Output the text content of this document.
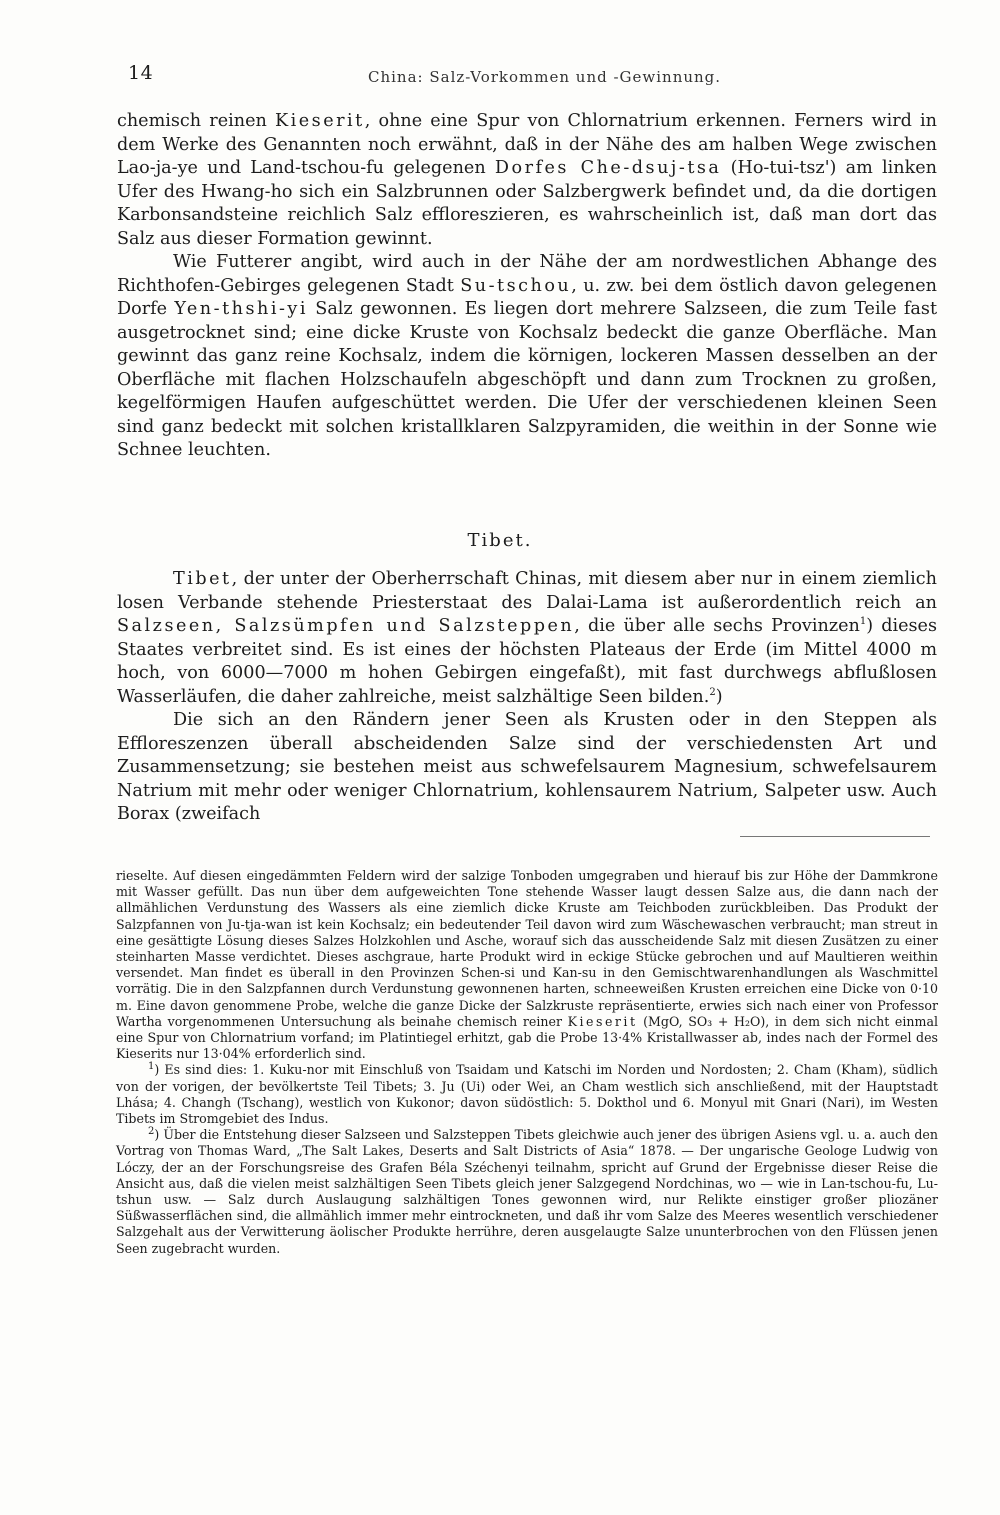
14	China: Salz-Vorkommen und -Gewinnung.

chemisch reinen Kieserit, ohne eine Spur von Chlornatrium erkennen. Ferners wird in dem Werke des Genannten noch erwähnt, daß in der Nähe des am halben Wege zwischen Lao-ja-ye und Land-tschou-fu gelegenen Dorfes Che-dsuj-tsa (Ho-tui-tsz') am linken Ufer des Hwang-ho sich ein Salzbrunnen oder Salzbergwerk befindet und, da die dortigen Karbonsandsteine reichlich Salz effloreszieren, es wahrscheinlich ist, daß man dort das Salz aus dieser Formation gewinnt.

Wie Futterer angibt, wird auch in der Nähe der am nordwestlichen Abhange des Richthofen-Gebirges gelegenen Stadt Su-tschou, u. zw. bei dem östlich davon gelegenen Dorfe Yen-thshi-yi Salz gewonnen. Es liegen dort mehrere Salzseen, die zum Teile fast ausgetrocknet sind; eine dicke Kruste von Kochsalz bedeckt die ganze Oberfläche. Man gewinnt das ganz reine Kochsalz, indem die körnigen, lockeren Massen desselben an der Oberfläche mit flachen Holzschaufeln abgeschöpft und dann zum Trocknen zu großen, kegelförmigen Haufen aufgeschüttet werden. Die Ufer der verschiedenen kleinen Seen sind ganz bedeckt mit solchen kristallklaren Salzpyramiden, die weithin in der Sonne wie Schnee leuchten.

Tibet.

Tibet, der unter der Oberherrschaft Chinas, mit diesem aber nur in einem ziemlich losen Verbande stehende Priesterstaat des Dalai-Lama ist außerordentlich reich an Salzseen, Salzsümpfen und Salzsteppen, die über alle sechs Provinzen$^1$) dieses Staates verbreitet sind. Es ist eines der höchsten Plateaus der Erde (im Mittel 4000 m hoch, von 6000—7000 m hohen Gebirgen eingefaßt), mit fast durchwegs abflußlosen Wasserläufen, die daher zahlreiche, meist salzhältige Seen bilden.$^2$)

Die sich an den Rändern jener Seen als Krusten oder in den Steppen als Effloreszenzen überall abscheidenden Salze sind der verschiedensten Art und Zusammensetzung; sie bestehen meist aus schwefelsaurem Magnesium, schwefelsaurem Natrium mit mehr oder weniger Chlornatrium, kohlensaurem Natrium, Salpeter usw. Auch Borax (zweifach

rieselte. Auf diesen eingedämmten Feldern wird der salzige Tonboden umgegraben und hierauf bis zur Höhe der Dammkrone mit Wasser gefüllt. Das nun über dem aufgeweichten Tone stehende Wasser laugt dessen Salze aus, die dann nach der allmählichen Verdunstung des Wassers als eine ziemlich dicke Kruste am Teichboden zurückbleiben. Das Produkt der Salzpfannen von Ju-tja-wan ist kein Kochsalz; ein bedeutender Teil davon wird zum Wäschewaschen verbraucht; man streut in eine gesättigte Lösung dieses Salzes Holzkohlen und Asche, worauf sich das ausscheidende Salz mit diesen Zusätzen zu einer steinharten Masse verdichtet. Dieses aschgraue, harte Produkt wird in eckige Stücke gebrochen und auf Maultieren weithin versendet. Man findet es überall in den Provinzen Schen-si und Kan-su in den Gemischtwarenhandlungen als Waschmittel vorrätig. Die in den Salzpfannen durch Verdunstung gewonnenen harten, schneeweißen Krusten erreichen eine Dicke von 0·10 m. Eine davon genommene Probe, welche die ganze Dicke der Salzkruste repräsentierte, erwies sich nach einer von Professor Wartha vorgenommenen Untersuchung als beinahe chemisch reiner Kieserit (MgO, SO₃ + H₂O), in dem sich nicht einmal eine Spur von Chlornatrium vorfand; im Platintiegel erhitzt, gab die Probe 13·4% Kristallwasser ab, indes nach der Formel des Kieserits nur 13·04% erforderlich sind.

$^1$) Es sind dies: 1. Kuku-nor mit Einschluß von Tsaidam und Katschi im Norden und Nordosten; 2. Cham (Kham), südlich von der vorigen, der bevölkertste Teil Tibets; 3. Ju (Ui) oder Wei, an Cham westlich sich anschließend, mit der Hauptstadt Lhása; 4. Changh (Tschang), westlich von Kukonor; davon südöstlich: 5. Dokthol und 6. Monyul mit Gnari (Nari), im Westen Tibets im Stromgebiet des Indus.

$^2$) Über die Entstehung dieser Salzseen und Salzsteppen Tibets gleichwie auch jener des übrigen Asiens vgl. u. a. auch den Vortrag von Thomas Ward, „The Salt Lakes, Deserts and Salt Districts of Asia“ 1878. — Der ungarische Geologe Ludwig von Lóczy, der an der Forschungsreise des Grafen Béla Széchenyi teilnahm, spricht auf Grund der Ergebnisse dieser Reise die Ansicht aus, daß die vielen meist salzhältigen Seen Tibets gleich jener Salzgegend Nordchinas, wo — wie in Lan-tschou-fu, Lu-tshun usw. — Salz durch Auslaugung salzhältigen Tones gewonnen wird, nur Relikte einstiger großer pliozäner Süßwasserflächen sind, die allmählich immer mehr eintrockneten, und daß ihr vom Salze des Meeres wesentlich verschiedener Salzgehalt aus der Verwitterung äolischer Produkte herrühre, deren ausgelaugte Salze ununterbrochen von den Flüssen jenen Seen zugebracht wurden.
